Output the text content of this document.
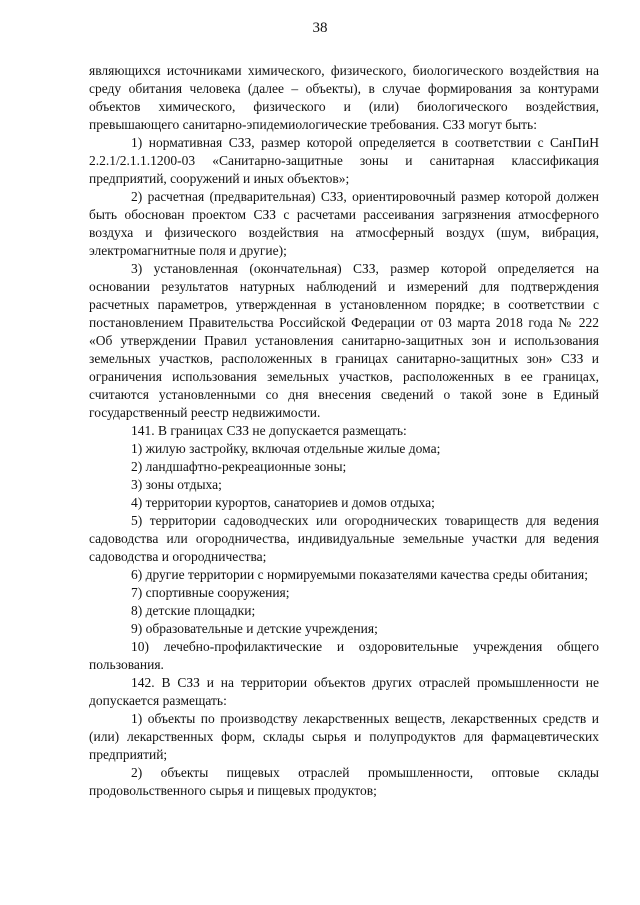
38

являющихся источниками химического, физического, биологического воздействия на среду обитания человека (далее – объекты), в случае формирования за контурами объектов химического, физического и (или) биологического воздействия, превышающего санитарно-эпидемиологические требования. СЗЗ могут быть:

1) нормативная СЗЗ, размер которой определяется в соответствии с СанПиН 2.2.1/2.1.1.1200-03 «Санитарно-защитные зоны и санитарная классификация предприятий, сооружений и иных объектов»;

2) расчетная (предварительная) СЗЗ, ориентировочный размер которой должен быть обоснован проектом СЗЗ с расчетами рассеивания загрязнения атмосферного воздуха и физического воздействия на атмосферный воздух (шум, вибрация, электромагнитные поля и другие);

3) установленная (окончательная) СЗЗ, размер которой определяется на основании результатов натурных наблюдений и измерений для подтверждения расчетных параметров, утвержденная в установленном порядке; в соответствии с постановлением Правительства Российской Федерации от 03 марта 2018 года № 222 «Об утверждении Правил установления санитарно-защитных зон и использования земельных участков, расположенных в границах санитарно-защитных зон» СЗЗ и ограничения использования земельных участков, расположенных в ее границах, считаются установленными со дня внесения сведений о такой зоне в Единый государственный реестр недвижимости.

141. В границах СЗЗ не допускается размещать:

1) жилую застройку, включая отдельные жилые дома;

2) ландшафтно-рекреационные зоны;

3) зоны отдыха;

4) территории курортов, санаториев и домов отдыха;

5) территории садоводческих или огороднических товариществ для ведения садоводства или огородничества, индивидуальные земельные участки для ведения садоводства и огородничества;

6) другие территории с нормируемыми показателями качества среды обитания;

7) спортивные сооружения;

8) детские площадки;

9) образовательные и детские учреждения;

10) лечебно-профилактические и оздоровительные учреждения общего пользования.

142. В СЗЗ и на территории объектов других отраслей промышленности не допускается размещать:

1) объекты по производству лекарственных веществ, лекарственных средств и (или) лекарственных форм, склады сырья и полупродуктов для фармацевтических предприятий;

2) объекты пищевых отраслей промышленности, оптовые склады продовольственного сырья и пищевых продуктов;
